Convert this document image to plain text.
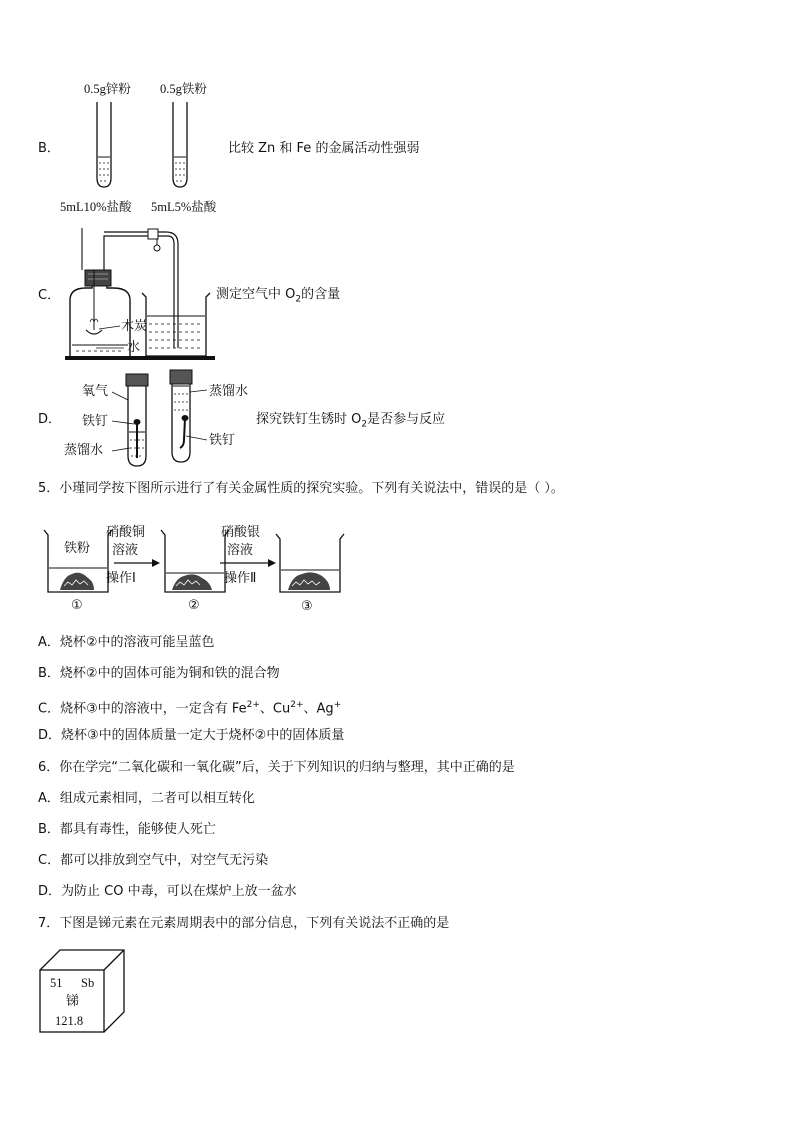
B．
0.5g锌粉 0.5g铁粉
5mL10%盐酸 5mL5%盐酸
比较 Zn 和 Fe 的金属活动性强弱
C．	测定空气中 $O_2$的含量
木炭
水
D．
氧气
铁钉
蒸馏水
蒸馏水
铁钉
探究铁钉生锈时 $O_2$是否参与反应
5．小瑾同学按下图所示进行了有关金属性质的探究实验。下列有关说法中，错误的是（ ）。
铁粉
硝酸铜
溶液
操作Ⅰ
硝酸银
溶液
操作Ⅱ
①	②	③
A．烧杯②中的溶液可能呈蓝色
B．烧杯②中的固体可能为铜和铁的混合物
C．烧杯③中的溶液中，一定含有 $Fe^{2+}$、$Cu^{2+}$、Ag+
D．烧杯③中的固体质量一定大于烧杯②中的固体质量
6．你在学完“二氧化碳和一氧化碳”后，关于下列知识的归纳与整理，其中正确的是
A．组成元素相同，二者可以相互转化
B．都具有毒性，能够使人死亡
C．都可以排放到空气中，对空气无污染
D．为防止 CO 中毒，可以在煤炉上放一盆水
7．下图是锑元素在元素周期表中的部分信息，下列有关说法不正确的是
51 Sb
锑
121.8
